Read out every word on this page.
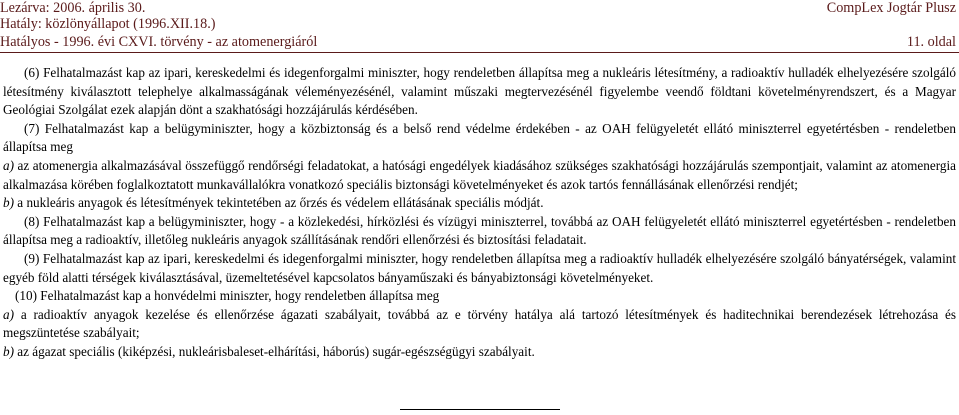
Lezárva: 2006. április 30.
Hatály: közlönyállapot (1996.XII.18.)
Hatályos - 1996. évi CXVI. törvény - az atomenergiáról
CompLex Jogtár Plusz
11. oldal

(6) Felhatalmazást kap az ipari, kereskedelmi és idegenforgalmi miniszter, hogy rendeletben állapítsa meg a nukleáris létesítmény, a radioaktív hulladék elhelyezésére szolgáló létesítmény kiválasztott telephelye alkalmasságának véleményezésénél, valamint műszaki megtervezésénél figyelembe veendő földtani követelményrendszert, és a Magyar Geológiai Szolgálat ezek alapján dönt a szakhatósági hozzájárulás kérdésében.

(7) Felhatalmazást kap a belügyminiszter, hogy a közbiztonság és a belső rend védelme érdekében - az OAH felügyeletét ellátó miniszterrel egyetértésben - rendeletben állapítsa meg

a) az atomenergia alkalmazásával összefüggő rendőrségi feladatokat, a hatósági engedélyek kiadásához szükséges szakhatósági hozzájárulás szempontjait, valamint az atomenergia alkalmazása körében foglalkoztatott munkavállalókra vonatkozó speciális biztonsági követelményeket és azok tartós fennállásának ellenőrzési rendjét;

b) a nukleáris anyagok és létesítmények tekintetében az őrzés és védelem ellátásának speciális módját.

(8) Felhatalmazást kap a belügyminiszter, hogy - a közlekedési, hírközlési és vízügyi miniszterrel, továbbá az OAH felügyeletét ellátó miniszterrel egyetértésben - rendeletben állapítsa meg a radioaktív, illetőleg nukleáris anyagok szállításának rendőri ellenőrzési és biztosítási feladatait.

(9) Felhatalmazást kap az ipari, kereskedelmi és idegenforgalmi miniszter, hogy rendeletben állapítsa meg a radioaktív hulladék elhelyezésére szolgáló bányatérségek, valamint egyéb föld alatti térségek kiválasztásával, üzemeltetésével kapcsolatos bányaműszaki és bányabiztonsági követelményeket.

(10) Felhatalmazást kap a honvédelmi miniszter, hogy rendeletben állapítsa meg

a) a radioaktív anyagok kezelése és ellenőrzése ágazati szabályait, továbbá az e törvény hatálya alá tartozó létesítmények és haditechnikai berendezések létrehozása és megszüntetése szabályait;

b) az ágazat speciális (kiképzési, nukleárisbaleset-elhárítási, háborús) sugár-egészségügyi szabályait.
